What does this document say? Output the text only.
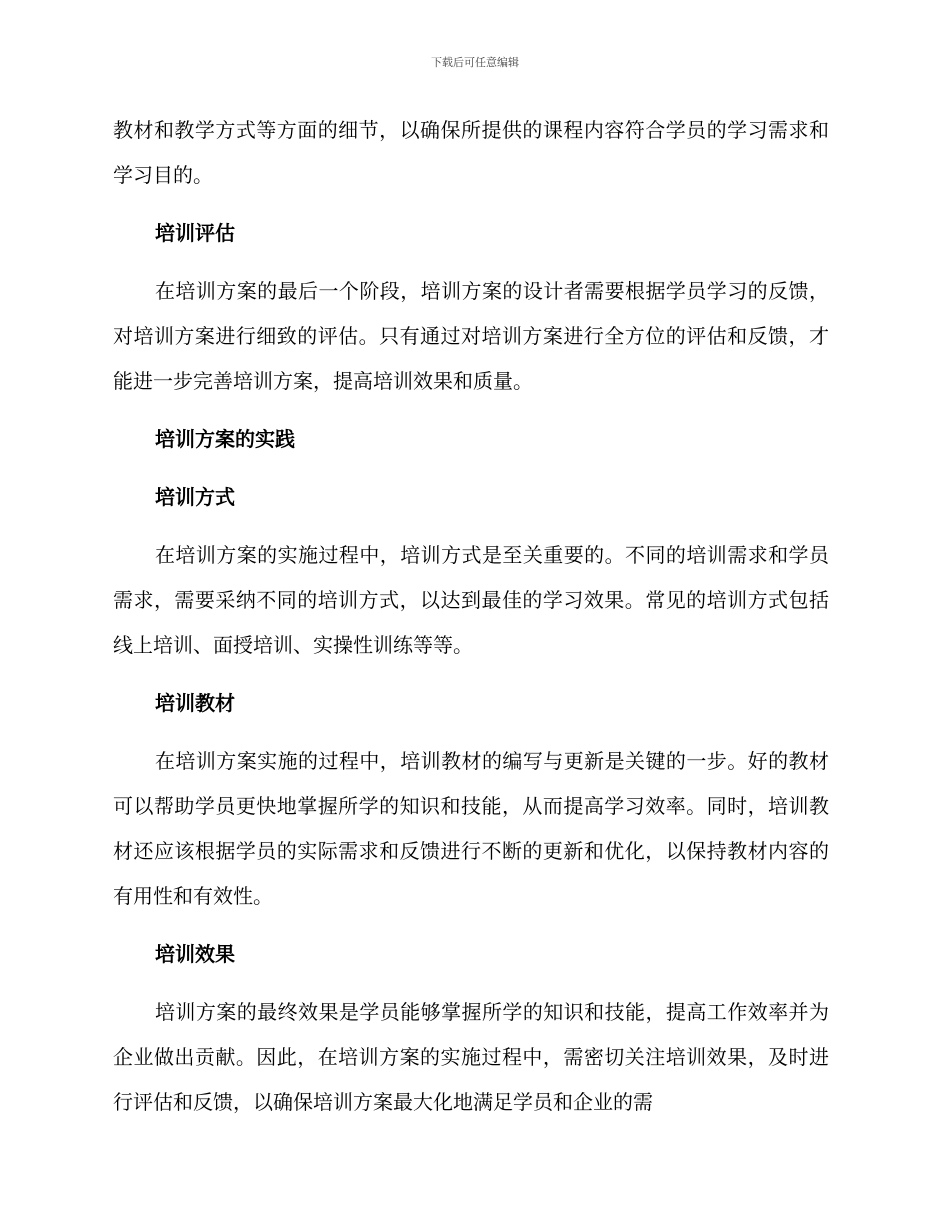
下载后可任意编辑

教材和教学方式等方面的细节，以确保所提供的课程内容符合学员的学习需求和学习目的。

培训评估

在培训方案的最后一个阶段，培训方案的设计者需要根据学员学习的反馈，对培训方案进行细致的评估。只有通过对培训方案进行全方位的评估和反馈，才能进一步完善培训方案，提高培训效果和质量。

培训方案的实践
培训方式

在培训方案的实施过程中，培训方式是至关重要的。不同的培训需求和学员需求，需要采纳不同的培训方式，以达到最佳的学习效果。常见的培训方式包括线上培训、面授培训、实操性训练等等。

培训教材

在培训方案实施的过程中，培训教材的编写与更新是关键的一步。好的教材可以帮助学员更快地掌握所学的知识和技能，从而提高学习效率。同时，培训教材还应该根据学员的实际需求和反馈进行不断的更新和优化，以保持教材内容的有用性和有效性。

培训效果

培训方案的最终效果是学员能够掌握所学的知识和技能，提高工作效率并为企业做出贡献。因此，在培训方案的实施过程中，需密切关注培训效果，及时进行评估和反馈，以确保培训方案最大化地满足学员和企业的需
